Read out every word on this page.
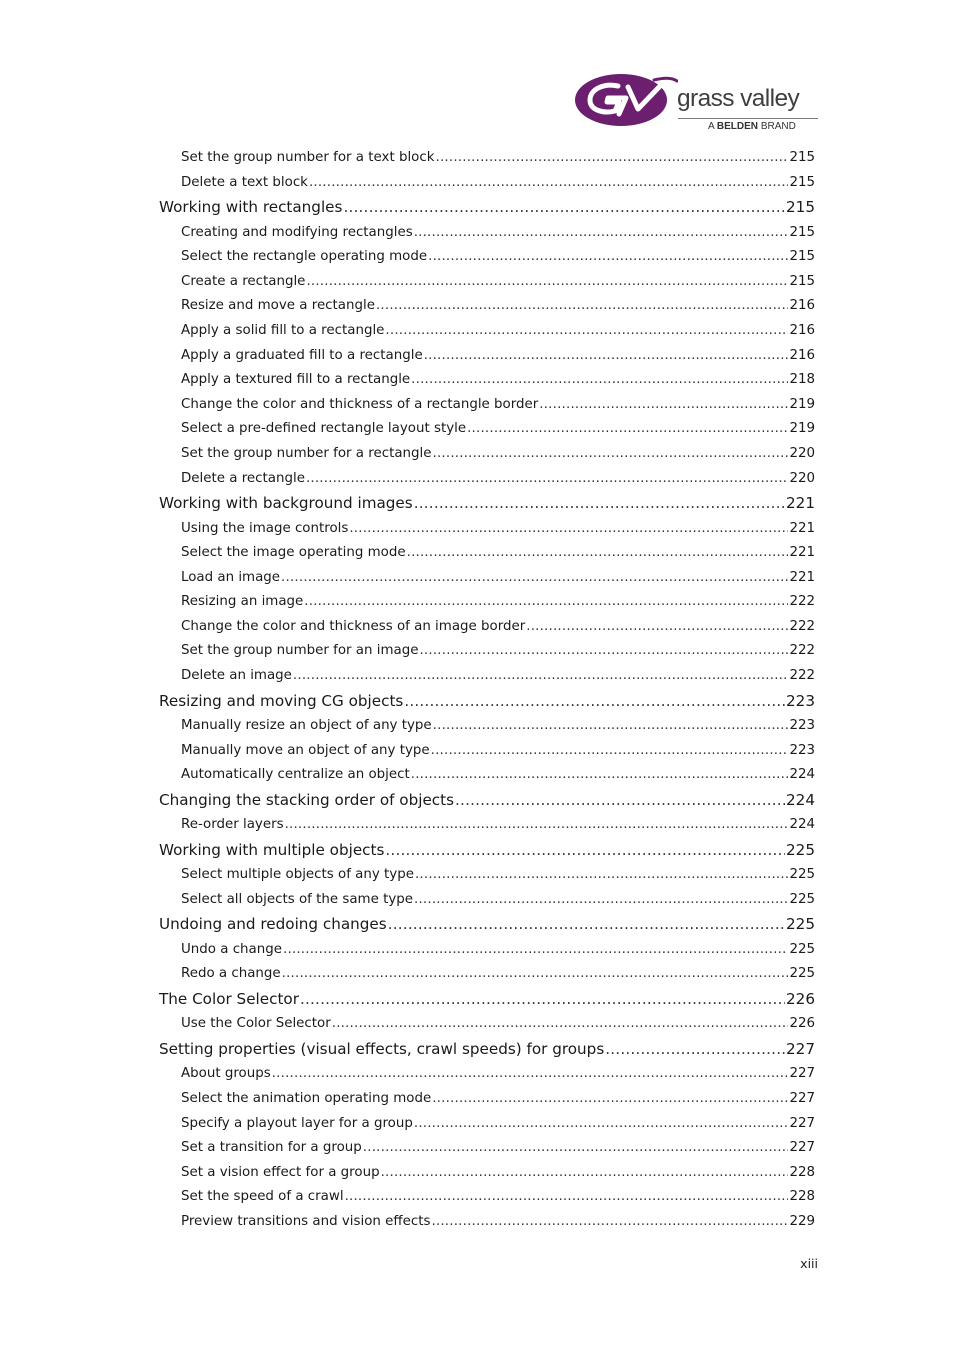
grass valley
A BELDEN BRAND
Set the group number for a text block .....	215
Delete a text block .....	215
Working with rectangles .....	215
Creating and modifying rectangles .....	215
Select the rectangle operating mode .....	215
Create a rectangle .....	215
Resize and move a rectangle .....	216
Apply a solid fill to a rectangle .....	216
Apply a graduated fill to a rectangle .....	216
Apply a textured fill to a rectangle .....	218
Change the color and thickness of a rectangle border .....	219
Select a pre-defined rectangle layout style .....	219
Set the group number for a rectangle .....	220
Delete a rectangle .....	220
Working with background images .....	221
Using the image controls .....	221
Select the image operating mode .....	221
Load an image .....	221
Resizing an image .....	222
Change the color and thickness of an image border .....	222
Set the group number for an image .....	222
Delete an image .....	222
Resizing and moving CG objects .....	223
Manually resize an object of any type .....	223
Manually move an object of any type .....	223
Automatically centralize an object .....	224
Changing the stacking order of objects .....	224
Re-order layers .....	224
Working with multiple objects .....	225
Select multiple objects of any type .....	225
Select all objects of the same type .....	225
Undoing and redoing changes .....	225
Undo a change .....	225
Redo a change .....	225
The Color Selector .....	226
Use the Color Selector .....	226
Setting properties (visual effects, crawl speeds) for groups .....	227
About groups .....	227
Select the animation operating mode .....	227
Specify a playout layer for a group .....	227
Set a transition for a group .....	227
Set a vision effect for a group .....	228
Set the speed of a crawl .....	228
Preview transitions and vision effects .....	229
xiii
